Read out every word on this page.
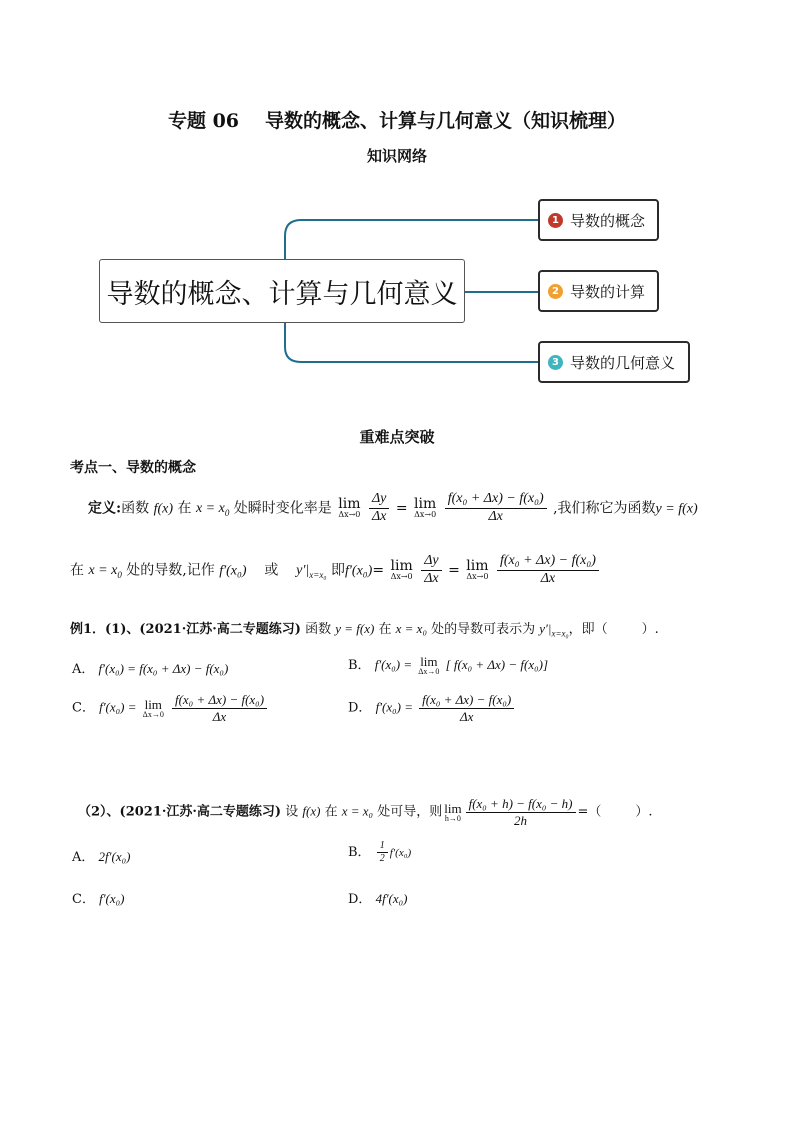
专题 06 导数的概念、计算与几何意义（知识梳理）
知识网络
导数的概念、计算与几何意义
1 导数的概念
2 导数的计算
3 导数的几何意义
重难点突破
考点一、导数的概念
定义:函数 f(x) 在 $x = x_0$ 处瞬时变化率是 lim
Δx→0
$\frac{\Delta y}{\Delta x} = \lim$
Δx→0
$\frac{\text{f(x₀ + Δx) − f(x₀)}}{\Delta x}$ ,我们称它为函数y = f(x)
在 $x = x_0$ 处的导数,记作 f′(x₀) 或 $y'|_{x=x_0}$ 即f′(x₀)= lim
Δx→0
$\frac{\Delta y}{\Delta x} = \lim$
Δx→0
$\frac{\text{f(x₀ + Δx) − f(x₀)}}{\Delta x}$
例1．(1)、(2021·江苏·高二专题练习) 函数 y = f(x) 在 x = x₀ 处的导数可表示为 $y'|_{x=x_0}$，即（	）.
A． f′(x₀) = f(x₀ + Δx) − f(x₀)	B． f′(x₀) = lim
Δx→0 [ f(x₀ + Δx) − f(x₀)]
C． f′(x₀) = lim
Δx→0
$\frac{\text{f(x₀ + Δx) − f(x₀)}}{\Delta x}$	D． $f'(x_0) = \frac{\text{f(x₀ + Δx) − f(x₀)}}{\Delta x}$
（2）、(2021·江苏·高二专题练习) 设 f(x) 在 x = x₀ 处可导，则 lim
$h\to 0 \frac{\text{f(x₀ + h) − f(x₀ − h)}}{2h}$ =（	）.
A． 2f′(x₀)	B． $\frac{1}{2} f'(x_0)$
C． f′(x₀)	D． 4f′(x₀)
